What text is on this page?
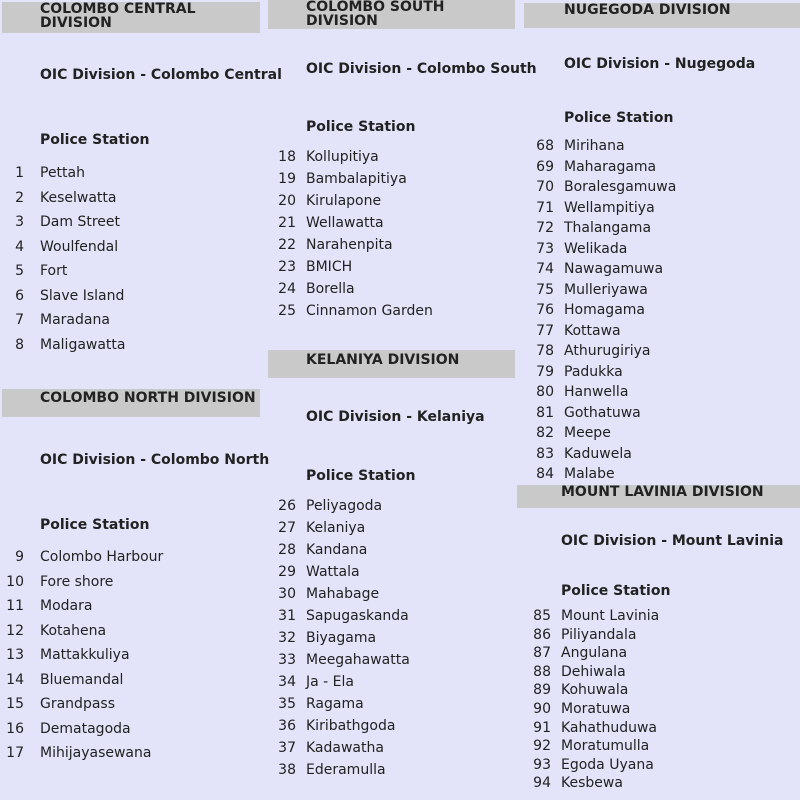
COLOMBO CENTRAL DIVISION
OIC Division - Colombo Central
Police Station
1 Pettah
2 Keselwatta
3 Dam Street
4 Woulfendal
5 Fort
6 Slave Island
7 Maradana
8 Maligawatta
COLOMBO NORTH DIVISION
OIC Division - Colombo North
Police Station
9 Colombo Harbour
10 Fore shore
11 Modara
12 Kotahena
13 Mattakkuliya
14 Bluemandal
15 Grandpass
16 Dematagoda
17 Mihijayasewana
COLOMBO SOUTH DIVISION
OIC Division - Colombo South
Police Station
18 Kollupitiya
19 Bambalapitiya
20 Kirulapone
21 Wellawatta
22 Narahenpita
23 BMICH
24 Borella
25 Cinnamon Garden
KELANIYA DIVISION
OIC Division - Kelaniya
Police Station
26 Peliyagoda
27 Kelaniya
28 Kandana
29 Wattala
30 Mahabage
31 Sapugaskanda
32 Biyagama
33 Meegahawatta
34 Ja - Ela
35 Ragama
36 Kiribathgoda
37 Kadawatha
38 Ederamulla
NUGEGODA DIVISION
OIC Division - Nugegoda
Police Station
68 Mirihana
69 Maharagama
70 Boralesgamuwa
71 Wellampitiya
72 Thalangama
73 Welikada
74 Nawagamuwa
75 Mulleriyawa
76 Homagama
77 Kottawa
78 Athurugiriya
79 Padukka
80 Hanwella
81 Gothatuwa
82 Meepe
83 Kaduwela
84 Malabe
MOUNT LAVINIA DIVISION
OIC Division - Mount Lavinia
Police Station
85 Mount Lavinia
86 Piliyandala
87 Angulana
88 Dehiwala
89 Kohuwala
90 Moratuwa
91 Kahathuduwa
92 Moratumulla
93 Egoda Uyana
94 Kesbewa
